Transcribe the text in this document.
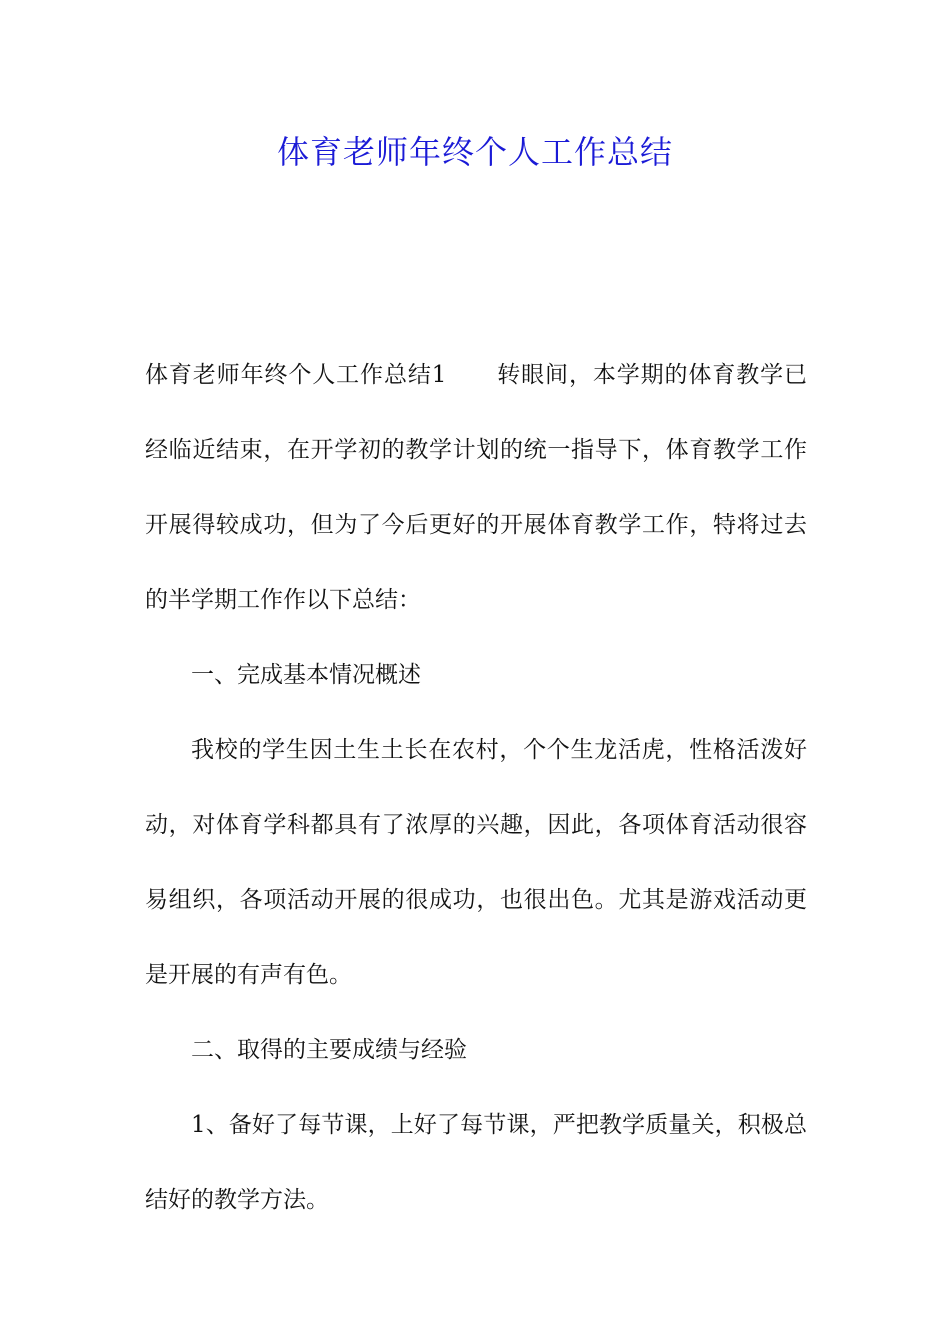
体育老师年终个人工作总结

体育老师年终个人工作总结1 转眼间，本学期的体育教学已经临近结束，在开学初的教学计划的统一指导下，体育教学工作开展得较成功，但为了今后更好的开展体育教学工作，特将过去的半学期工作作以下总结：

一、完成基本情况概述

我校的学生因土生土长在农村，个个生龙活虎，性格活泼好动，对体育学科都具有了浓厚的兴趣，因此，各项体育活动很容易组织，各项活动开展的很成功，也很出色。尤其是游戏活动更是开展的有声有色。

二、取得的主要成绩与经验

1、备好了每节课，上好了每节课，严把教学质量关，积极总结好的教学方法。
